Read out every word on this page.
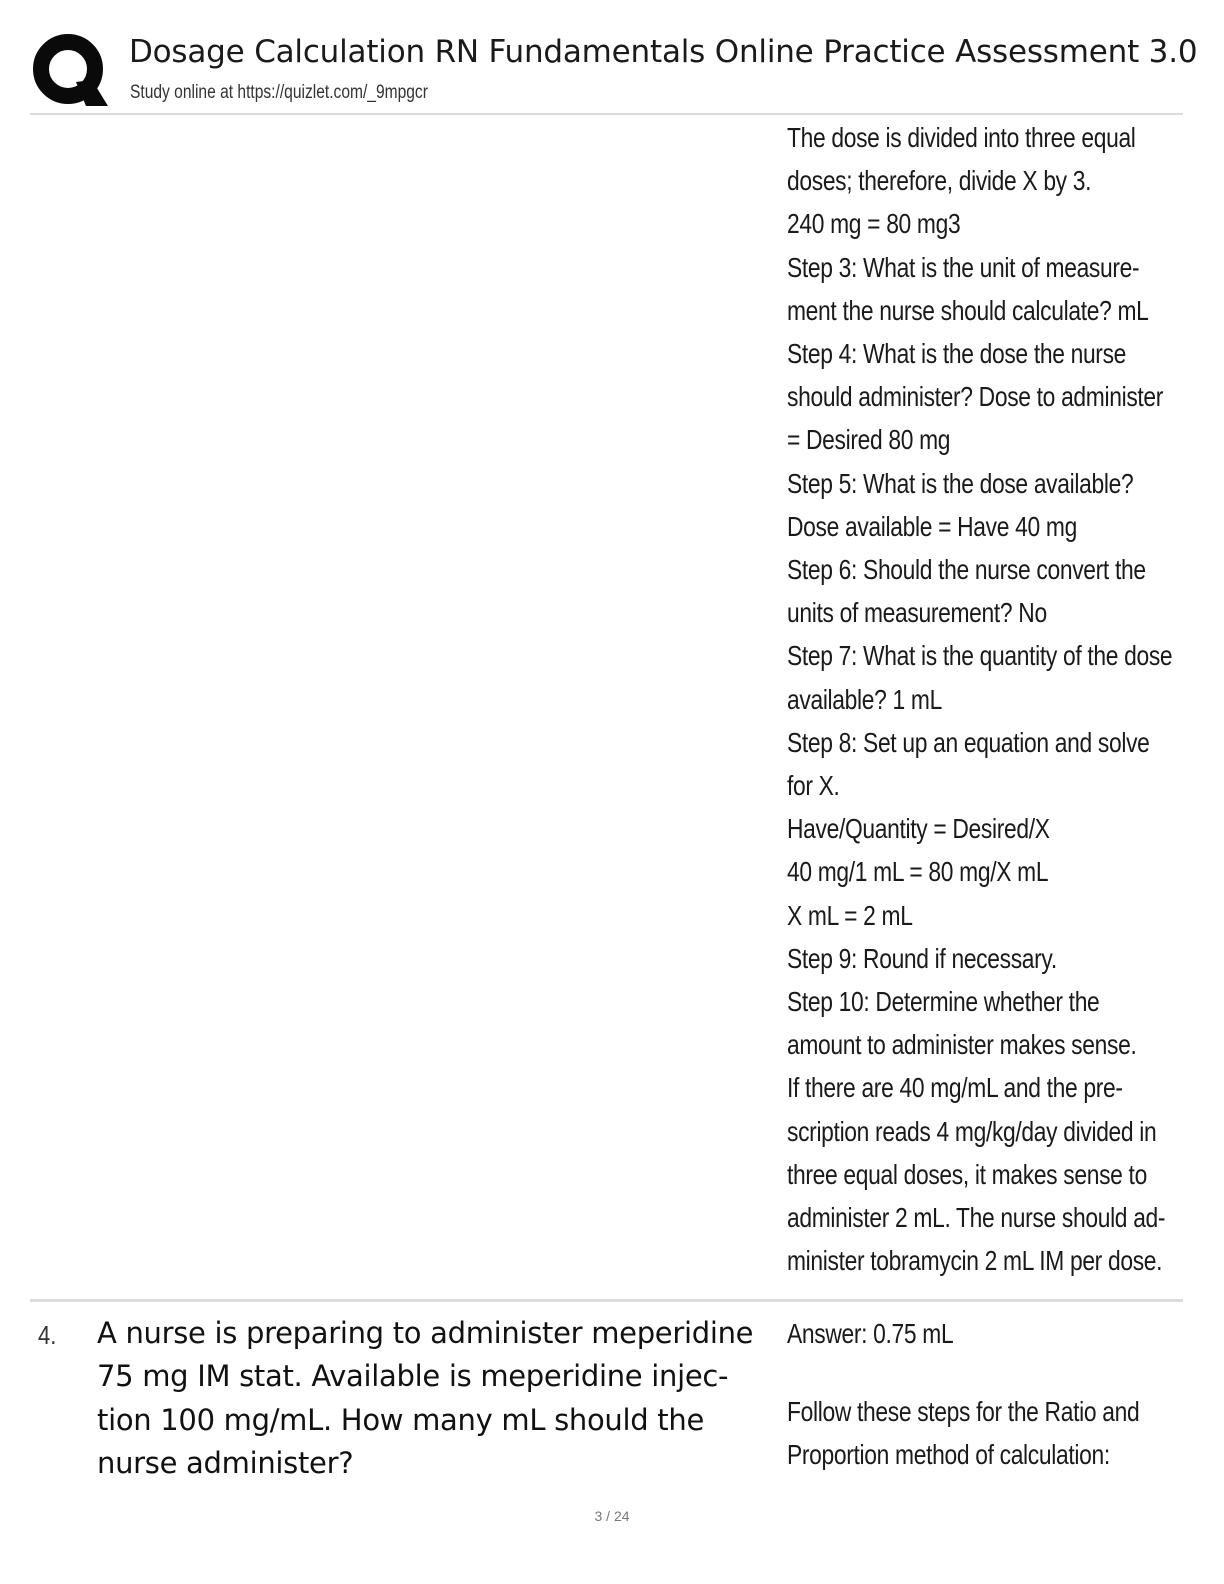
Dosage Calculation RN Fundamentals Online Practice Assessment 3.0
Study online at https://quizlet.com/_9mpgcr
The dose is divided into three equal
doses; therefore, divide X by 3.
240 mg = 80 mg3
Step 3: What is the unit of measure-
ment the nurse should calculate? mL
Step 4: What is the dose the nurse
should administer? Dose to administer
= Desired 80 mg
Step 5: What is the dose available?
Dose available = Have 40 mg
Step 6: Should the nurse convert the
units of measurement? No
Step 7: What is the quantity of the dose
available? 1 mL
Step 8: Set up an equation and solve
for X.
Have/Quantity = Desired/X
40 mg/1 mL = 80 mg/X mL
X mL = 2 mL
Step 9: Round if necessary.
Step 10: Determine whether the
amount to administer makes sense.
If there are 40 mg/mL and the pre-
scription reads 4 mg/kg/day divided in
three equal doses, it makes sense to
administer 2 mL. The nurse should ad-
minister tobramycin 2 mL IM per dose.
4. A nurse is preparing to administer meperidine
75 mg IM stat. Available is meperidine injec-
tion 100 mg/mL. How many mL should the
nurse administer?
Answer: 0.75 mL
Follow these steps for the Ratio and
Proportion method of calculation:
3 / 24
